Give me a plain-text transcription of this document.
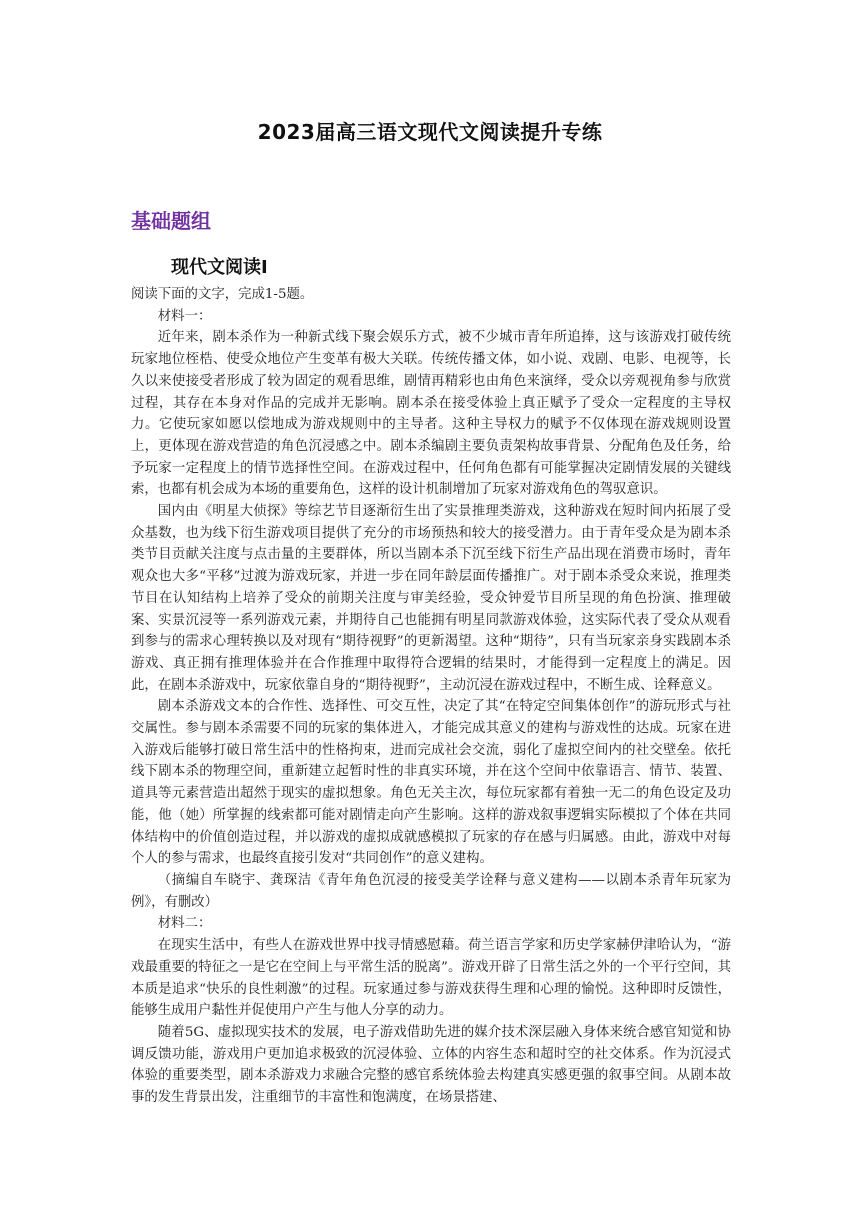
2023届高三语文现代文阅读提升专练
基础题组
现代文阅读Ⅰ

阅读下面的文字，完成1-5题。

材料一：

近年来，剧本杀作为一种新式线下聚会娱乐方式，被不少城市青年所追捧，这与该游戏打破传统玩家地位桎梏、使受众地位产生变革有极大关联。传统传播文体，如小说、戏剧、电影、电视等，长久以来使接受者形成了较为固定的观看思维，剧情再精彩也由角色来演绎，受众以旁观视角参与欣赏过程，其存在本身对作品的完成并无影响。剧本杀在接受体验上真正赋予了受众一定程度的主导权力。它使玩家如愿以偿地成为游戏规则中的主导者。这种主导权力的赋予不仅体现在游戏规则设置上，更体现在游戏营造的角色沉浸感之中。剧本杀编剧主要负责架构故事背景、分配角色及任务，给予玩家一定程度上的情节选择性空间。在游戏过程中，任何角色都有可能掌握决定剧情发展的关键线索，也都有机会成为本场的重要角色，这样的设计机制增加了玩家对游戏角色的驾驭意识。

国内由《明星大侦探》等综艺节目逐渐衍生出了实景推理类游戏，这种游戏在短时间内拓展了受众基数，也为线下衍生游戏项目提供了充分的市场预热和较大的接受潜力。由于青年受众是为剧本杀类节目贡献关注度与点击量的主要群体，所以当剧本杀下沉至线下衍生产品出现在消费市场时，青年观众也大多“平移”过渡为游戏玩家，并进一步在同年龄层面传播推广。对于剧本杀受众来说，推理类节目在认知结构上培养了受众的前期关注度与审美经验，受众钟爱节目所呈现的角色扮演、推理破案、实景沉浸等一系列游戏元素，并期待自己也能拥有明星同款游戏体验，这实际代表了受众从观看到参与的需求心理转换以及对现有“期待视野”的更新渴望。这种“期待”，只有当玩家亲身实践剧本杀游戏、真正拥有推理体验并在合作推理中取得符合逻辑的结果时，才能得到一定程度上的满足。因此，在剧本杀游戏中，玩家依靠自身的“期待视野”，主动沉浸在游戏过程中，不断生成、诠释意义。

剧本杀游戏文本的合作性、选择性、可交互性，决定了其“在特定空间集体创作”的游玩形式与社交属性。参与剧本杀需要不同的玩家的集体进入，才能完成其意义的建构与游戏性的达成。玩家在进入游戏后能够打破日常生活中的性格拘束，进而完成社会交流，弱化了虚拟空间内的社交壁垒。依托线下剧本杀的物理空间，重新建立起暂时性的非真实环境，并在这个空间中依靠语言、情节、装置、道具等元素营造出超然于现实的虚拟想象。角色无关主次，每位玩家都有着独一无二的角色设定及功能，他（她）所掌握的线索都可能对剧情走向产生影响。这样的游戏叙事逻辑实际模拟了个体在共同体结构中的价值创造过程，并以游戏的虚拟成就感模拟了玩家的存在感与归属感。由此，游戏中对每个人的参与需求，也最终直接引发对“共同创作”的意义建构。

（摘编自车晓宇、龚琛洁《青年角色沉浸的接受美学诠释与意义建构——以剧本杀青年玩家为例》，有删改）

材料二：

在现实生活中，有些人在游戏世界中找寻情感慰藉。荷兰语言学家和历史学家赫伊津哈认为，“游戏最重要的特征之一是它在空间上与平常生活的脱离”。游戏开辟了日常生活之外的一个平行空间，其本质是追求“快乐的良性刺激”的过程。玩家通过参与游戏获得生理和心理的愉悦。这种即时反馈性，能够生成用户黏性并促使用户产生与他人分享的动力。

随着5G、虚拟现实技术的发展，电子游戏借助先进的媒介技术深层融入身体来统合感官知觉和协调反馈功能，游戏用户更加追求极致的沉浸体验、立体的内容生态和超时空的社交体系。作为沉浸式体验的重要类型，剧本杀游戏力求融合完整的感官系统体验去构建真实感更强的叙事空间。从剧本故事的发生背景出发，注重细节的丰富性和饱满度，在场景搭建、
